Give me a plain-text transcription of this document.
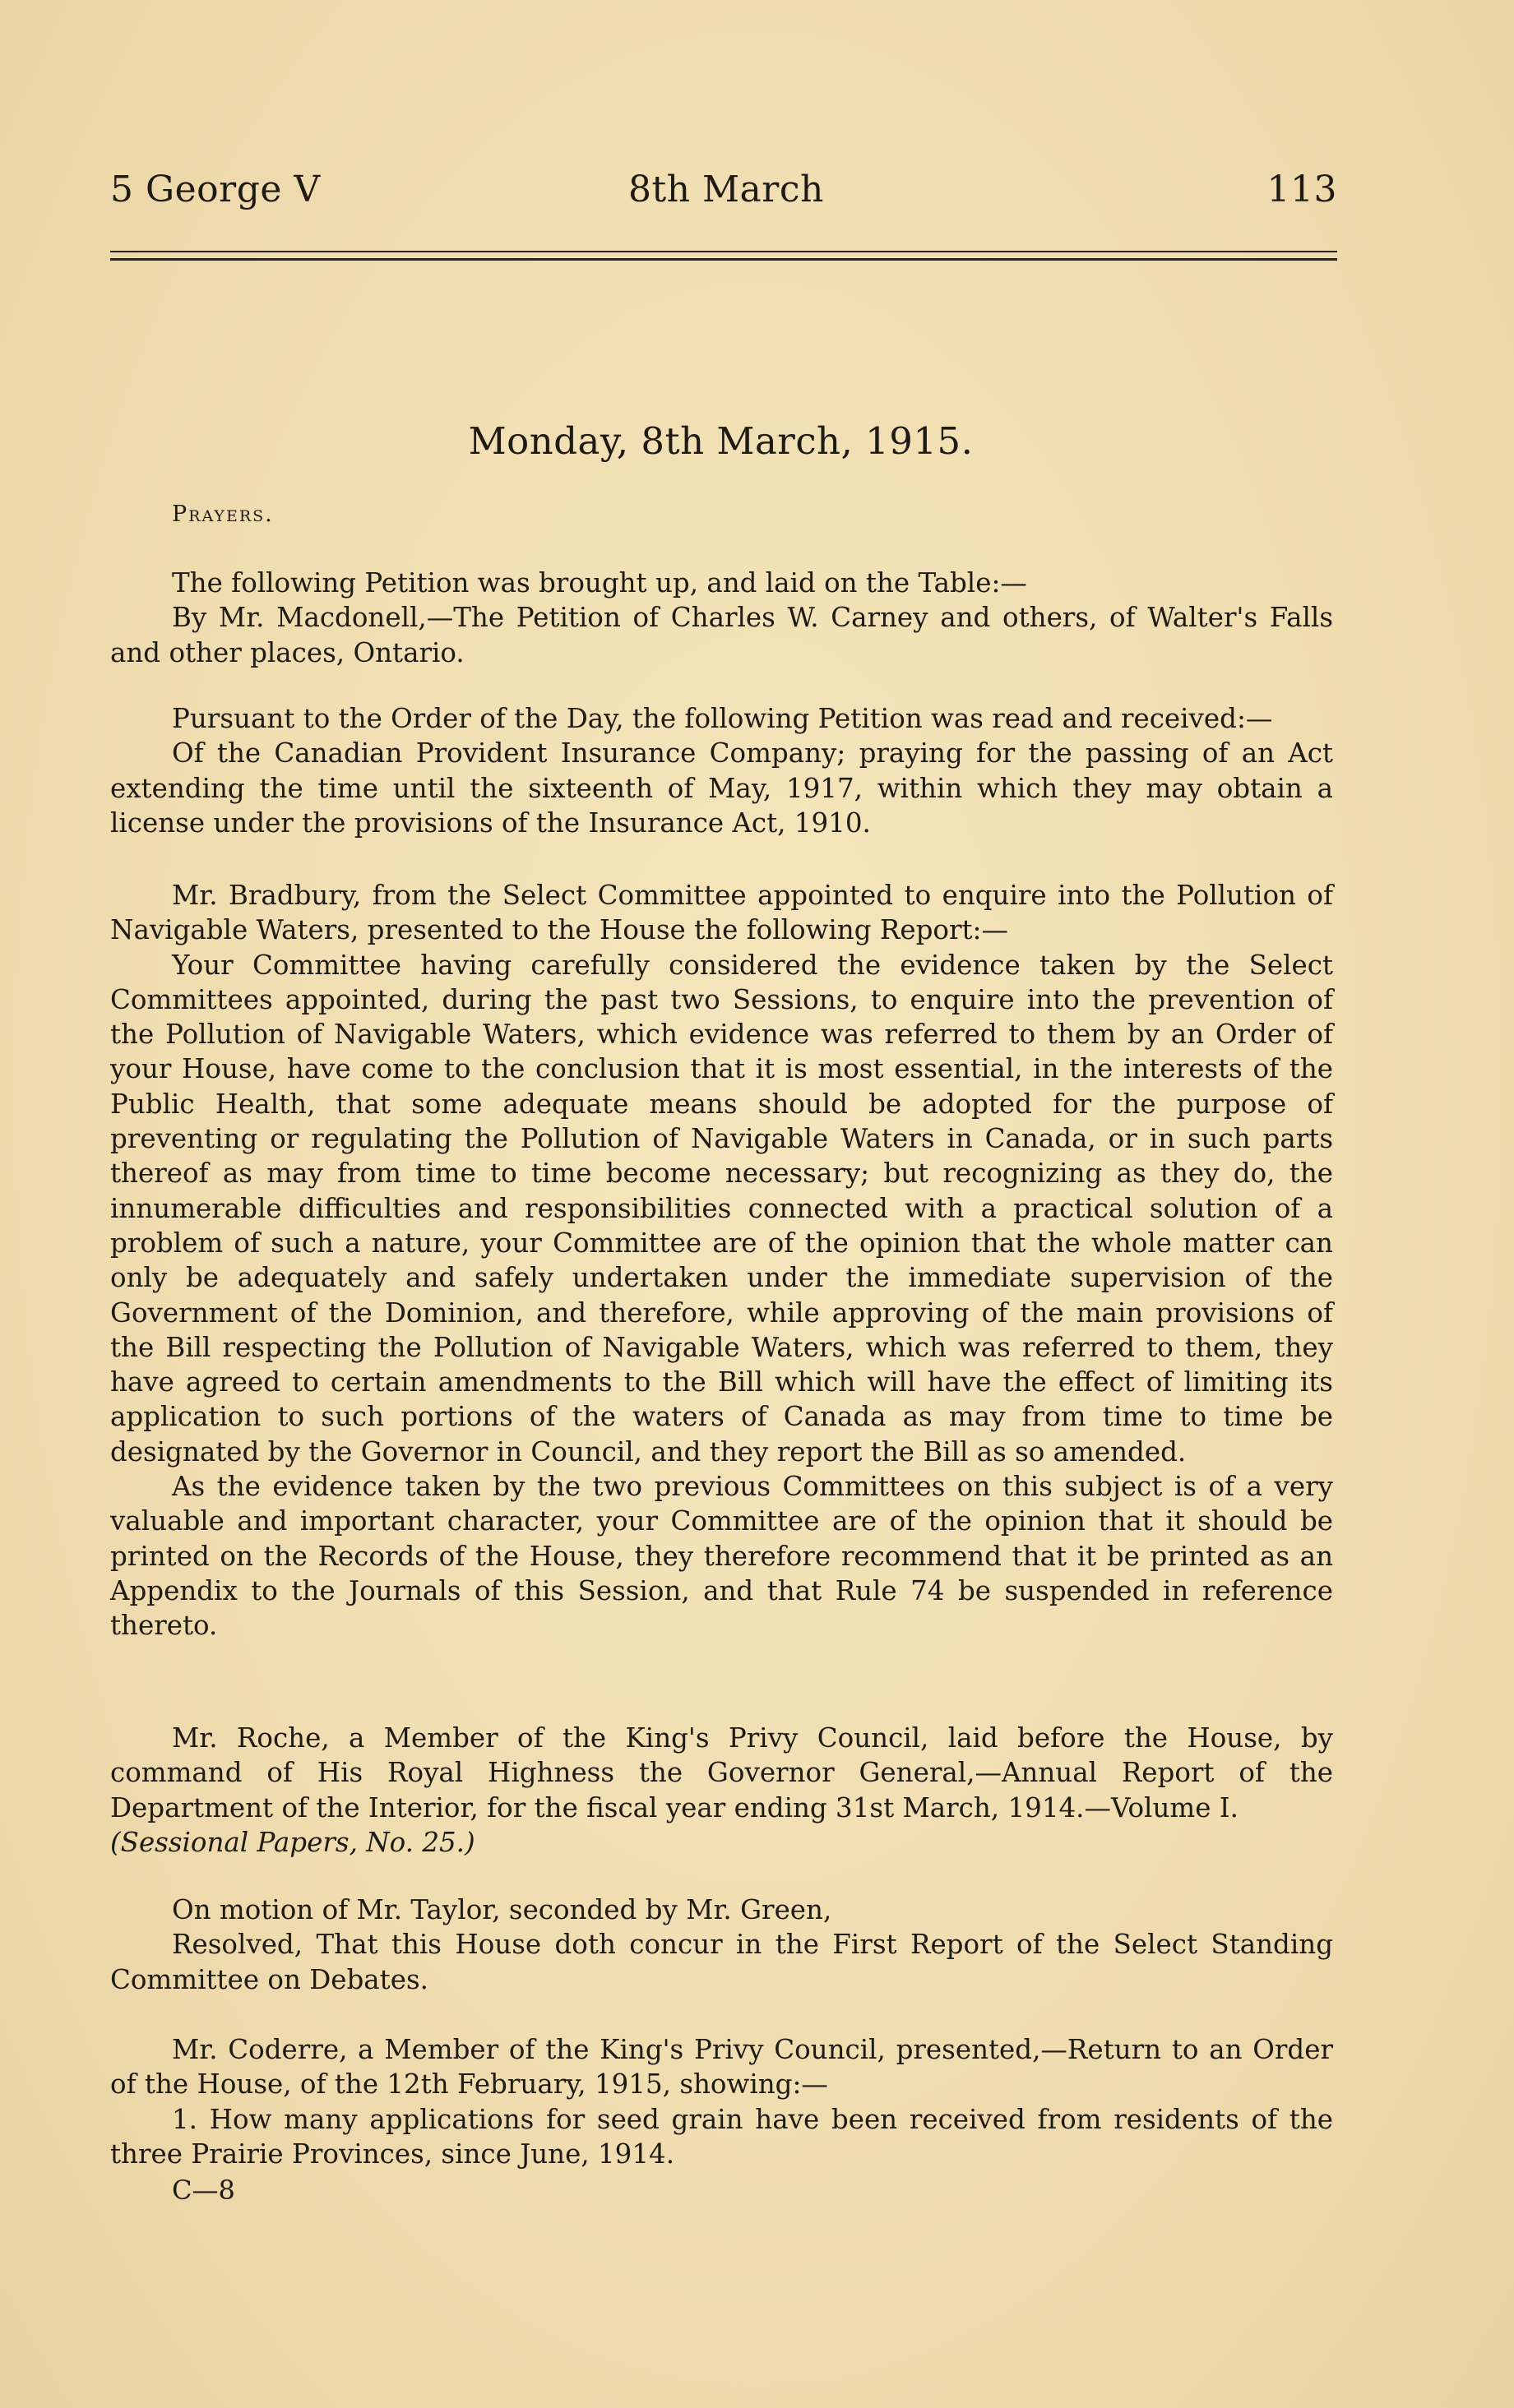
5 George V	8th March	113
Monday, 8th March, 1915.
Prayers.

The following Petition was brought up, and laid on the Table:—

By Mr. Macdonell,—The Petition of Charles W. Carney and others, of Walter's Falls and other places, Ontario.

Pursuant to the Order of the Day, the following Petition was read and received:—

Of the Canadian Provident Insurance Company; praying for the passing of an Act extending the time until the sixteenth of May, 1917, within which they may obtain a license under the provisions of the Insurance Act, 1910.

Mr. Bradbury, from the Select Committee appointed to enquire into the Pollution of Navigable Waters, presented to the House the following Report:—

Your Committee having carefully considered the evidence taken by the Select Committees appointed, during the past two Sessions, to enquire into the prevention of the Pollution of Navigable Waters, which evidence was referred to them by an Order of your House, have come to the conclusion that it is most essential, in the interests of the Public Health, that some adequate means should be adopted for the purpose of preventing or regulating the Pollution of Navigable Waters in Canada, or in such parts thereof as may from time to time become necessary; but recognizing as they do, the innumerable difficulties and responsibilities connected with a practical solution of a problem of such a nature, your Committee are of the opinion that the whole matter can only be adequately and safely undertaken under the immediate supervision of the Government of the Dominion, and therefore, while approving of the main provisions of the Bill respecting the Pollution of Navigable Waters, which was referred to them, they have agreed to certain amendments to the Bill which will have the effect of limiting its application to such portions of the waters of Canada as may from time to time be designated by the Governor in Council, and they report the Bill as so amended.

As the evidence taken by the two previous Committees on this subject is of a very valuable and important character, your Committee are of the opinion that it should be printed on the Records of the House, they therefore recommend that it be printed as an Appendix to the Journals of this Session, and that Rule 74 be suspended in reference thereto.

Mr. Roche, a Member of the King's Privy Council, laid before the House, by command of His Royal Highness the Governor General,—Annual Report of the Department of the Interior, for the fiscal year ending 31st March, 1914.—Volume I.
(Sessional Papers, No. 25.)

On motion of Mr. Taylor, seconded by Mr. Green,

Resolved, That this House doth concur in the First Report of the Select Standing Committee on Debates.

Mr. Coderre, a Member of the King's Privy Council, presented,—Return to an Order of the House, of the 12th February, 1915, showing:—

1. How many applications for seed grain have been received from residents of the three Prairie Provinces, since June, 1914.

C—8
